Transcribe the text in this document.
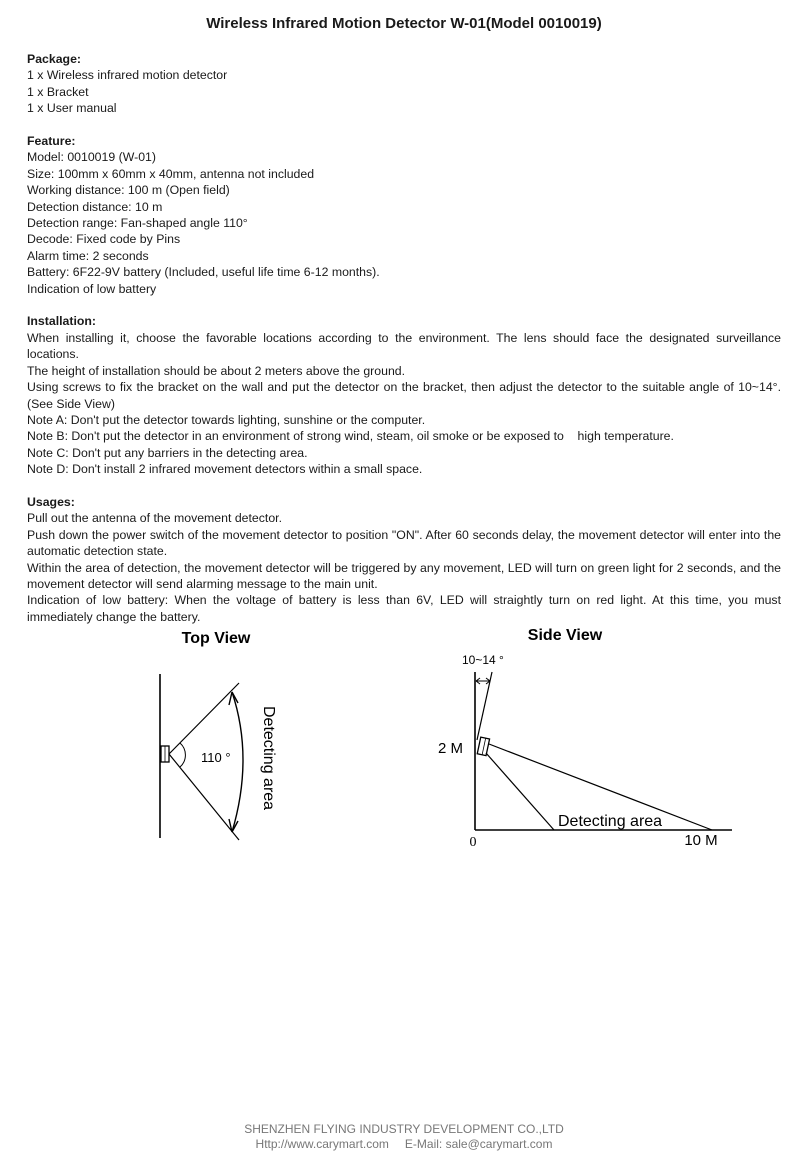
Wireless Infrared Motion Detector W-01(Model 0010019)
Package:

1 x Wireless infrared motion detector

1 x Bracket

1 x User manual

Feature:

Model: 0010019 (W-01)

Size: 100mm x 60mm x 40mm, antenna not included

Working distance: 100 m (Open field)

Detection distance: 10 m

Detection range: Fan-shaped angle 110°

Decode: Fixed code by Pins

Alarm time: 2 seconds

Battery: 6F22-9V battery (Included, useful life time 6-12 months).

Indication of low battery

Installation:

When installing it, choose the favorable locations according to the environment. The lens should face the designated surveillance locations.

The height of installation should be about 2 meters above the ground.

Using screws to fix the bracket on the wall and put the detector on the bracket, then adjust the detector to the suitable angle of 10~14°. (See Side View)

Note A: Don't put the detector towards lighting, sunshine or the computer.

Note B: Don't put the detector in an environment of strong wind, steam, oil smoke or be exposed to    high temperature.

Note C: Don't put any barriers in the detecting area.

Note D: Don't install 2 infrared movement detectors within a small space.

Usages:

Pull out the antenna of the movement detector.

Push down the power switch of the movement detector to position "ON". After 60 seconds delay, the movement detector will enter into the automatic detection state.

Within the area of detection, the movement detector will be triggered by any movement, LED will turn on green light for 2 seconds, and the movement detector will send alarming message to the main unit.

Indication of low battery: When the voltage of battery is less than 6V, LED will straightly turn on red light. At this time, you must immediately change the battery.

Top View
110 ° Detecting area
Side View
10~14 °
2 M
Detecting area
0	10 M
SHENZHEN FLYING INDUSTRY DEVELOPMENT CO.,LTD
Http://www.carymart.com E-Mail: sale@carymart.com
